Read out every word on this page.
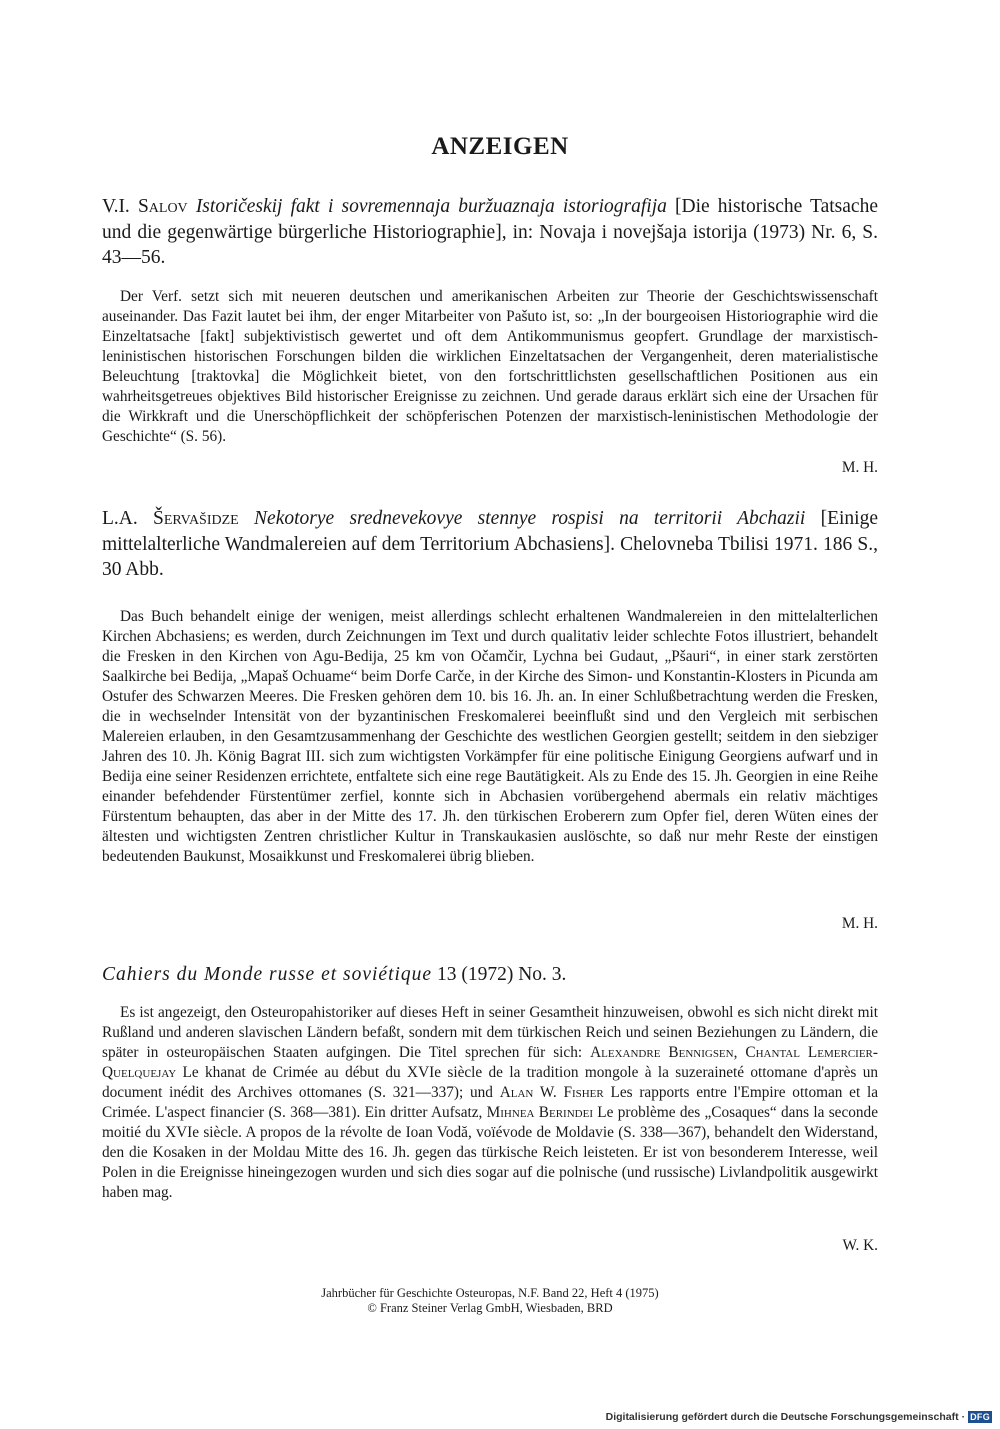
ANZEIGEN
V.I. Salov Istoričeskij fakt i sovremennaja buržuaznaja istoriografija [Die historische Tatsache und die gegenwärtige bürgerliche Historiographie], in: Novaja i novejšaja istorija (1973) Nr. 6, S. 43—56.
Der Verf. setzt sich mit neueren deutschen und amerikanischen Arbeiten zur Theorie der Geschichtswissenschaft auseinander. Das Fazit lautet bei ihm, der enger Mitarbeiter von Pašuto ist, so: „In der bourgeoisen Historiographie wird die Einzeltatsache [fakt] subjektivistisch gewertet und oft dem Antikommunismus geopfert. Grundlage der marxistisch-leninistischen historischen Forschungen bilden die wirklichen Einzeltatsachen der Vergangenheit, deren materialistische Beleuchtung [traktovka] die Möglichkeit bietet, von den fortschrittlichsten gesellschaftlichen Positionen aus ein wahrheitsgetreues objektives Bild historischer Ereignisse zu zeichnen. Und gerade daraus erklärt sich eine der Ursachen für die Wirkkraft und die Unerschöpflichkeit der schöpferischen Potenzen der marxistisch-leninistischen Methodologie der Geschichte“ (S. 56).
M. H.
L.A. Šervašidze Nekotorye srednevekovye stennye rospisi na territorii Abchazii [Einige mittelalterliche Wandmalereien auf dem Territorium Abchasiens]. Chelovneba Tbilisi 1971. 186 S., 30 Abb.
Das Buch behandelt einige der wenigen, meist allerdings schlecht erhaltenen Wandmalereien in den mittelalterlichen Kirchen Abchasiens; es werden, durch Zeichnungen im Text und durch qualitativ leider schlechte Fotos illustriert, behandelt die Fresken in den Kirchen von Agu-Bedija, 25 km von Očamčir, Lychna bei Gudaut, „Pšauri“, in einer stark zerstörten Saalkirche bei Bedija, „Mapaš Ochuame“ beim Dorfe Carče, in der Kirche des Simon- und Konstantin-Klosters in Picunda am Ostufer des Schwarzen Meeres. Die Fresken gehören dem 10. bis 16. Jh. an. In einer Schlußbetrachtung werden die Fresken, die in wechselnder Intensität von der byzantinischen Freskomalerei beeinflußt sind und den Vergleich mit serbischen Malereien erlauben, in den Gesamtzusammenhang der Geschichte des westlichen Georgien gestellt; seitdem in den siebziger Jahren des 10. Jh. König Bagrat III. sich zum wichtigsten Vorkämpfer für eine politische Einigung Georgiens aufwarf und in Bedija eine seiner Residenzen errichtete, entfaltete sich eine rege Bautätigkeit. Als zu Ende des 15. Jh. Georgien in eine Reihe einander befehdender Fürstentümer zerfiel, konnte sich in Abchasien vorübergehend abermals ein relativ mächtiges Fürstentum behaupten, das aber in der Mitte des 17. Jh. den türkischen Eroberern zum Opfer fiel, deren Wüten eines der ältesten und wichtigsten Zentren christlicher Kultur in Transkaukasien auslöschte, so daß nur mehr Reste der einstigen bedeutenden Baukunst, Mosaikkunst und Freskomalerei übrig blieben.
M. H.
Cahiers du Monde russe et soviétique 13 (1972) No. 3.
Es ist angezeigt, den Osteuropahistoriker auf dieses Heft in seiner Gesamtheit hinzuweisen, obwohl es sich nicht direkt mit Rußland und anderen slavischen Ländern befaßt, sondern mit dem türkischen Reich und seinen Beziehungen zu Ländern, die später in osteuropäischen Staaten aufgingen. Die Titel sprechen für sich: Alexandre Bennigsen, Chantal Lemercier-Quelquejay Le khanat de Crimée au début du XVIe siècle de la tradition mongole à la suzeraineté ottomane d'après un document inédit des Archives ottomanes (S. 321—337); und Alan W. Fisher Les rapports entre l'Empire ottoman et la Crimée. L'aspect financier (S. 368—381). Ein dritter Aufsatz, Mihnea Berindei Le problème des „Cosaques“ dans la seconde moitié du XVIe siècle. A propos de la révolte de Ioan Vodă, voïévode de Moldavie (S. 338—367), behandelt den Widerstand, den die Kosaken in der Moldau Mitte des 16. Jh. gegen das türkische Reich leisteten. Er ist von besonderem Interesse, weil Polen in die Ereignisse hineingezogen wurden und sich dies sogar auf die polnische (und russische) Livlandpolitik ausgewirkt haben mag.
W. K.
Jahrbücher für Geschichte Osteuropas, N.F. Band 22, Heft 4 (1975)
© Franz Steiner Verlag GmbH, Wiesbaden, BRD
Digitalisierung gefördert durch die Deutsche Forschungsgemeinschaft · DFG
